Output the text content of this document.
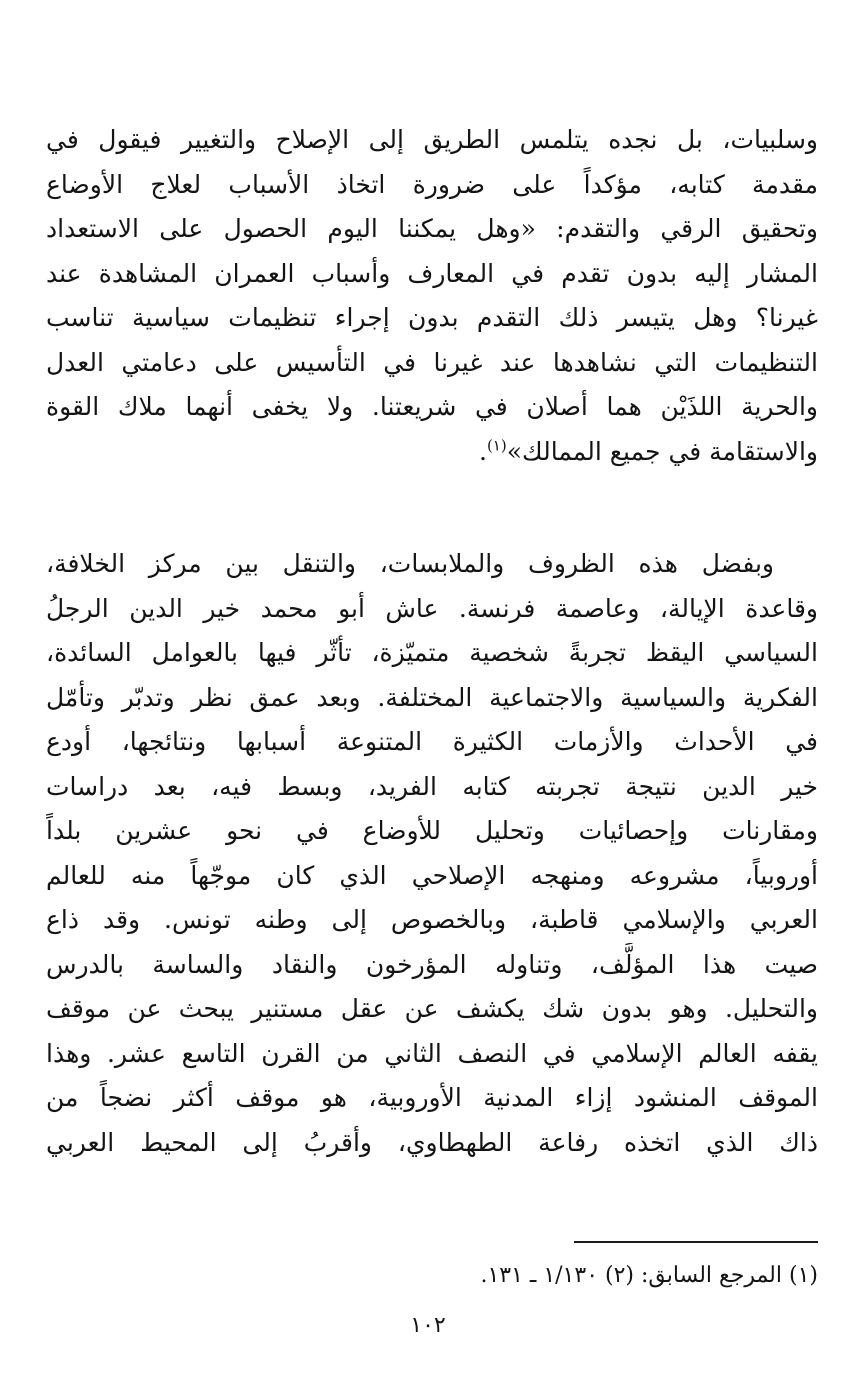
وسلبيات، بل نجده يتلمس الطريق إلى الإصلاح والتغيير فيقول في
مقدمة كتابه، مؤكداً على ضرورة اتخاذ الأسباب لعلاج الأوضاع
وتحقيق الرقي والتقدم: «وهل يمكننا اليوم الحصول على الاستعداد
المشار إليه بدون تقدم في المعارف وأسباب العمران المشاهدة عند
غيرنا؟ وهل يتيسر ذلك التقدم بدون إجراء تنظيمات سياسية تناسب
التنظيمات التي نشاهدها عند غيرنا في التأسيس على دعامتي العدل
والحرية اللذَيْن هما أصلان في شريعتنا. ولا يخفى أنهما ملاك القوة
والاستقامة في جميع الممالك»$^{(١)}$.
وبفضل هذه الظروف والملابسات، والتنقل بين مركز الخلافة،
وقاعدة الإيالة، وعاصمة فرنسة. عاش أبو محمد خير الدين الرجلُ
السياسي اليقظ تجربةً شخصية متميّزة، تأثّر فيها بالعوامل السائدة،
الفكرية والسياسية والاجتماعية المختلفة. وبعد عمق نظر وتدبّر وتأمّل
في الأحداث والأزمات الكثيرة المتنوعة أسبابها ونتائجها، أودع
خير الدين نتيجة تجربته كتابه الفريد، وبسط فيه، بعد دراسات
ومقارنات وإحصائيات وتحليل للأوضاع في نحو عشرين بلداً
أوروبياً، مشروعه ومنهجه الإصلاحي الذي كان موجّهاً منه للعالم
العربي والإسلامي قاطبة، وبالخصوص إلى وطنه تونس. وقد ذاع
صيت هذا المؤلَّف، وتناوله المؤرخون والنقاد والساسة بالدرس
والتحليل. وهو بدون شك يكشف عن عقل مستنير يبحث عن موقف
يقفه العالم الإسلامي في النصف الثاني من القرن التاسع عشر. وهذا
الموقف المنشود إزاء المدنية الأوروبية، هو موقف أكثر نضجاً من
ذاك الذي اتخذه رفاعة الطهطاوي، وأقربُ إلى المحيط العربي
(١) المرجع السابق: (٢) ١/١٣٠ ـ ١٣١.
١٠٢
